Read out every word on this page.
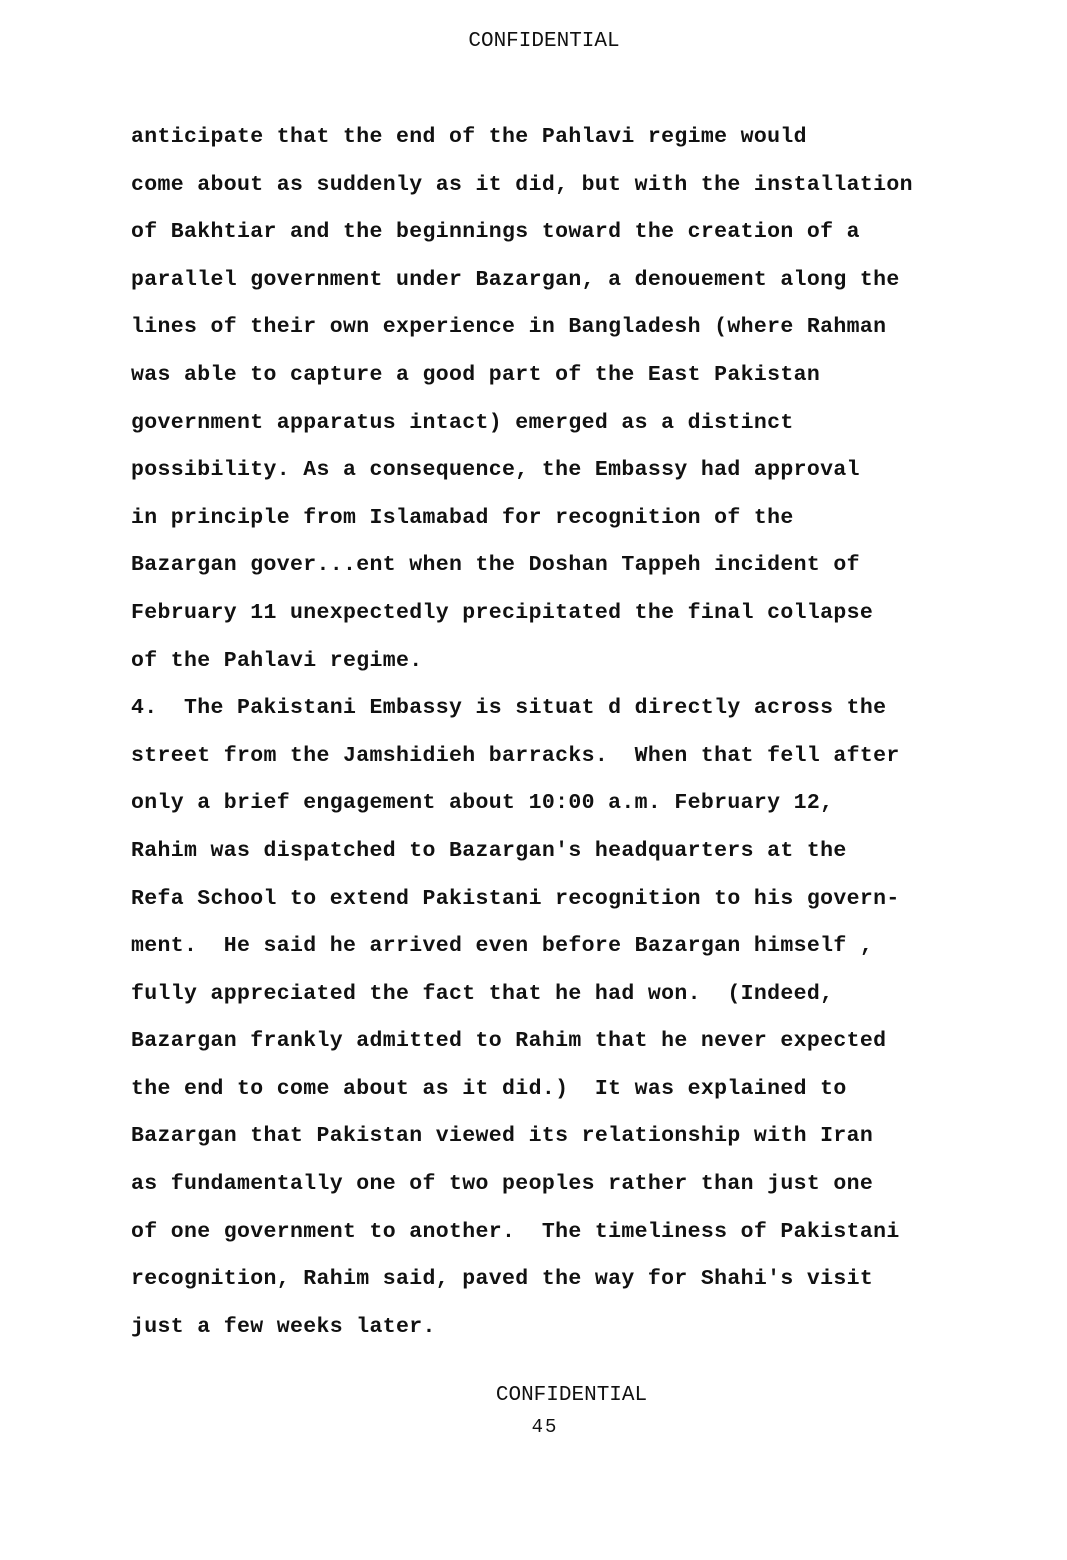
CONFIDENTIAL
anticipate that the end of the Pahlavi regime would
come about as suddenly as it did, but with the installation
of Bakhtiar and the beginnings toward the creation of a
parallel government under Bazargan, a denouement along the
lines of their own experience in Bangladesh (where Rahman
was able to capture a good part of the East Pakistan
government apparatus intact) emerged as a distinct
possibility. As a consequence, the Embassy had approval
in principle from Islamabad for recognition of the
Bazargan gover...ent when the Doshan Tappeh incident of
February 11 unexpectedly precipitated the final collapse
of the Pahlavi regime.
4.  The Pakistani Embassy is situat d directly across the
street from the Jamshidieh barracks.  When that fell after
only a brief engagement about 10:00 a.m. February 12,
Rahim was dispatched to Bazargan's headquarters at the
Refa School to extend Pakistani recognition to his govern-
ment.  He said he arrived even before Bazargan himself ,
fully appreciated the fact that he had won.  (Indeed,
Bazargan frankly admitted to Rahim that he never expected
the end to come about as it did.)  It was explained to
Bazargan that Pakistan viewed its relationship with Iran
as fundamentally one of two peoples rather than just one
of one government to another.  The timeliness of Pakistani
recognition, Rahim said, paved the way for Shahi's visit
just a few weeks later.
CONFIDENTIAL
45
